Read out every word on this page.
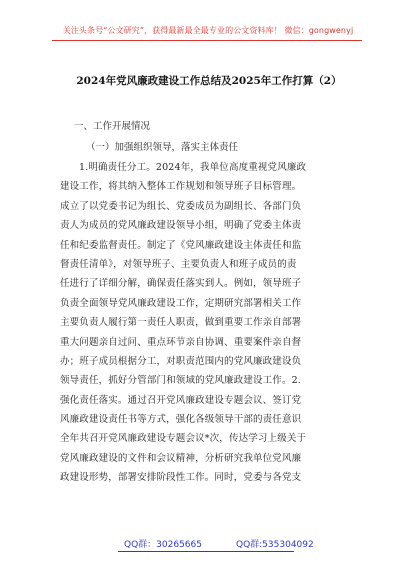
关注头条号“公文研究”，获得最新最全最专业的公文资料库！ 微信：gongwenyj
2024年党风廉政建设工作总结及2025年工作打算（2）
一、工作开展情况
（一）加强组织领导，落实主体责任
1.明确责任分工。2024年，我单位高度重视党风廉政
建设工作，将其纳入整体工作规划和领导班子目标管理。
成立了以党委书记为组长、党委成员为副组长、各部门负
责人为成员的党风廉政建设领导小组，明确了党委主体责
任和纪委监督责任。制定了《党风廉政建设主体责任和监
督责任清单》，对领导班子、主要负责人和班子成员的责
任进行了详细分解，确保责任落实到人。例如，领导班子
负责全面领导党风廉政建设工作，定期研究部署相关工作
主要负责人履行第一责任人职责，做到重要工作亲自部署
重大问题亲自过问、重点环节亲自协调、重要案件亲自督
办；班子成员根据分工，对职责范围内的党风廉政建设负
领导责任，抓好分管部门和领域的党风廉政建设工作。2.
强化责任落实。通过召开党风廉政建设专题会议、签订党
风廉政建设责任书等方式，强化各级领导干部的责任意识
全年共召开党风廉政建设专题会议*次，传达学习上级关于
党风廉政建设的文件和会议精神，分析研究我单位党风廉
政建设形势，部署安排阶段性工作。同时，党委与各党支
QQ群：30265665	QQ群:535304092
